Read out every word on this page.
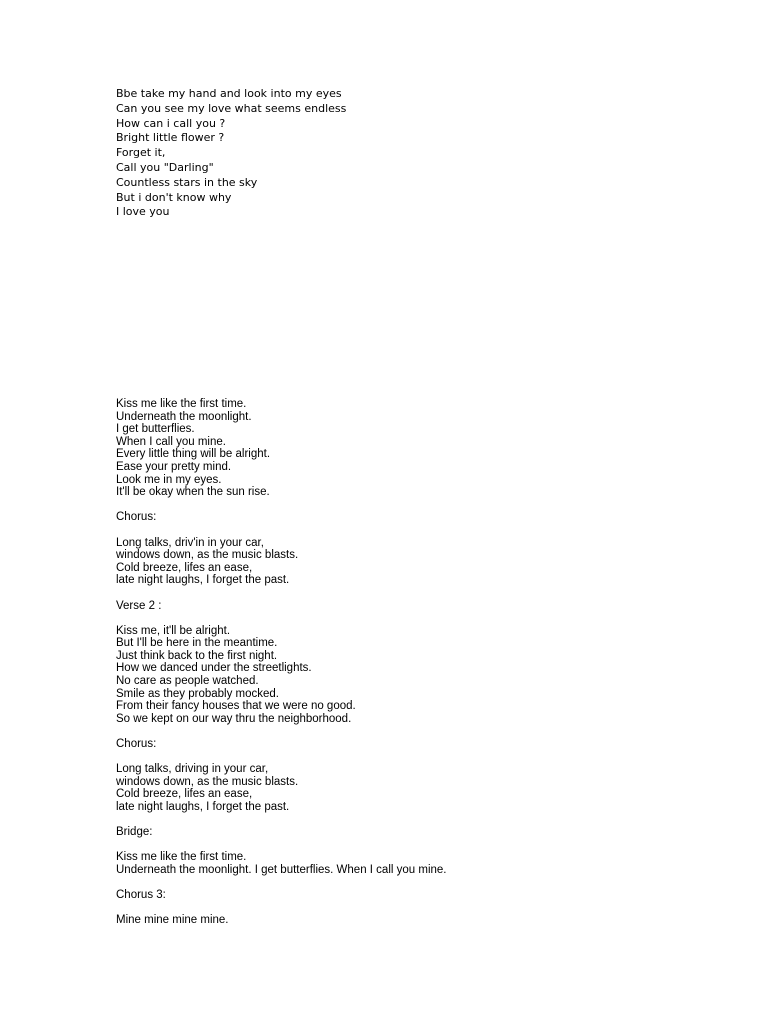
Bbe take my hand and look into my eyes
Can you see my love what seems endless
How can i call you ?
Bright little flower ?
Forget it,
Call you "Darling"
Countless stars in the sky
But i don't know why
I love you
Kiss me like the first time.
Underneath the moonlight.
I get butterflies.
When I call you mine.
Every little thing will be alright.
Ease your pretty mind.
Look me in my eyes.
It'll be okay when the sun rise.
Chorus:
Long talks, driv'in in your car,
windows down, as the music blasts.
Cold breeze, lifes an ease,
late night laughs, I forget the past.
Verse 2 :
Kiss me, it'll be alright.
But I'll be here in the meantime.
Just think back to the first night.
How we danced under the streetlights.
No care as people watched.
Smile as they probably mocked.
From their fancy houses that we were no good.
So we kept on our way thru the neighborhood.
Chorus:
Long talks, driving in your car,
windows down, as the music blasts.
Cold breeze, lifes an ease,
late night laughs, I forget the past.
Bridge:
Kiss me like the first time.
Underneath the moonlight. I get butterflies. When I call you mine.
Chorus 3:
Mine mine mine mine.
